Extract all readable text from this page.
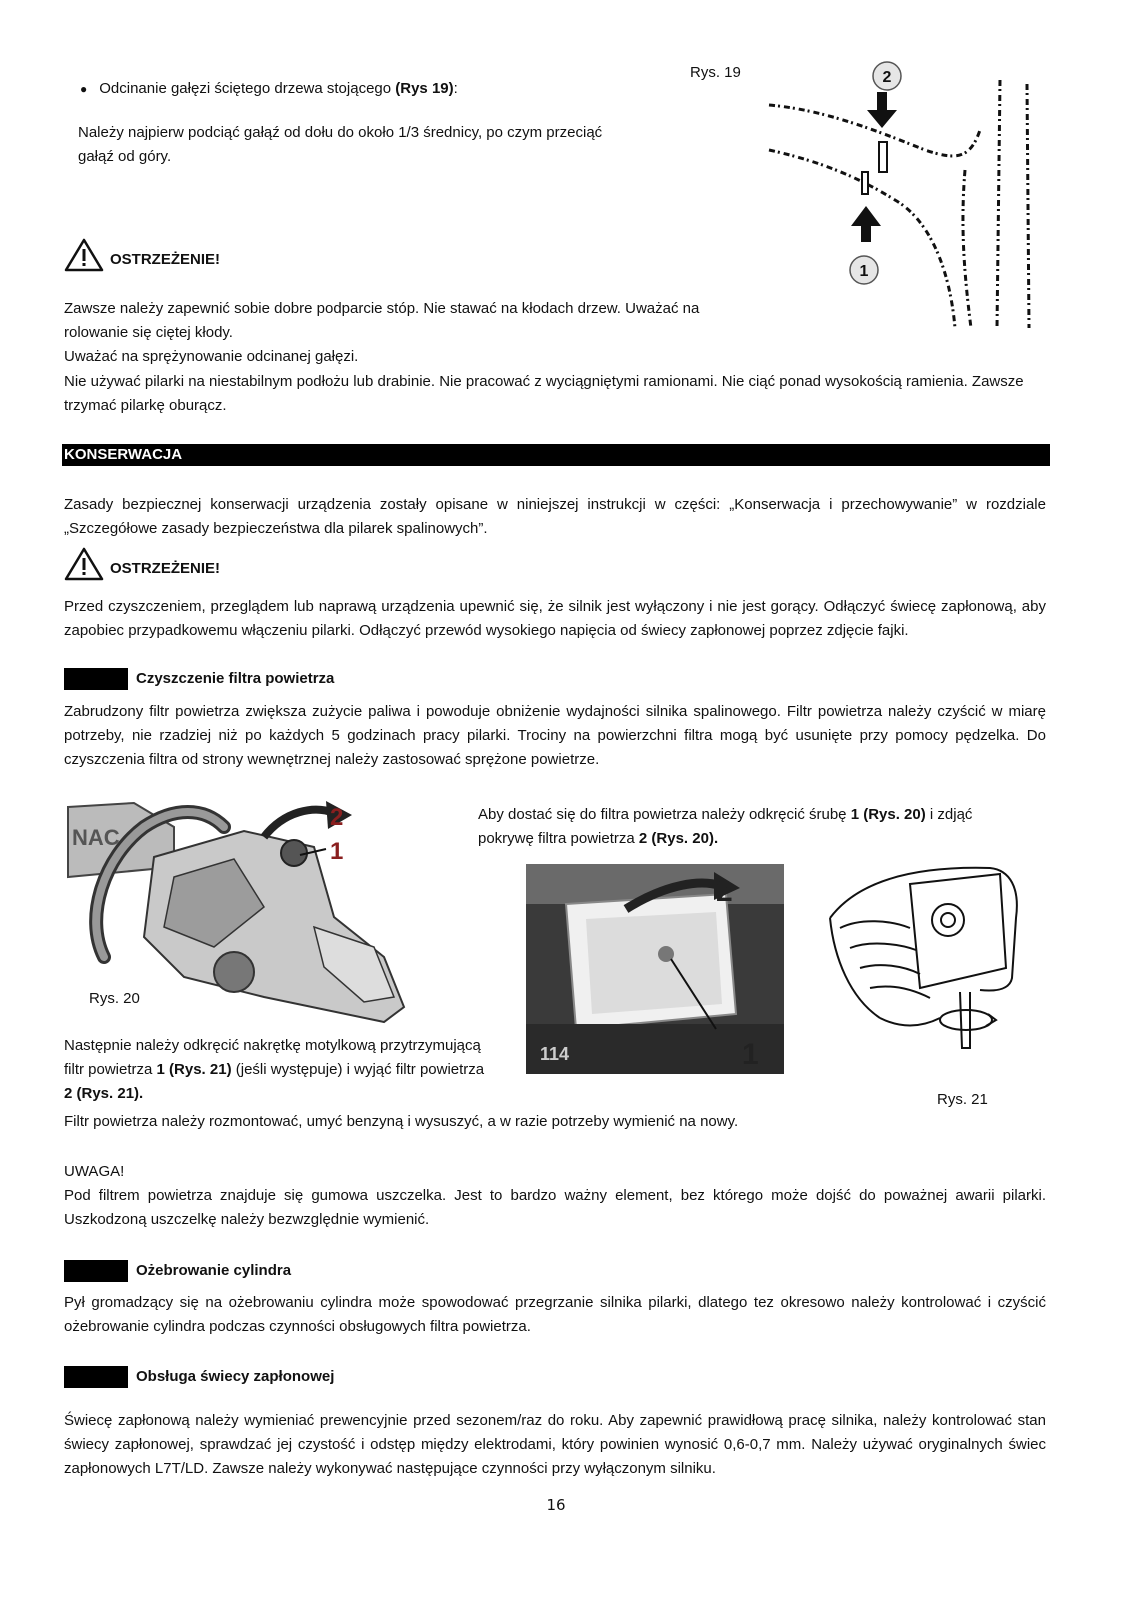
● Odcinanie gałęzi ściętego drzewa stojącego (Rys 19):

Należy najpierw podciąć gałąź od dołu do około 1/3 średnicy, po czym przeciąć gałąź od góry.

Rys. 19	2
1
OSTRZEŻENIE!

Zawsze należy zapewnić sobie dobre podparcie stóp. Nie stawać na kłodach drzew. Uważać na rolowanie się ciętej kłody.

Uważać na sprężynowanie odcinanej gałęzi.

Nie używać pilarki na niestabilnym podłożu lub drabinie. Nie pracować z wyciągniętymi ramionami. Nie ciąć ponad wysokością ramienia. Zawsze trzymać pilarkę oburącz.

KONSERWACJA

Zasady bezpiecznej konserwacji urządzenia zostały opisane w niniejszej instrukcji w części: „Konserwacja i przechowywanie” w rozdziale „Szczegółowe zasady bezpieczeństwa dla pilarek spalinowych”.

OSTRZEŻENIE!

Przed czyszczeniem, przeglądem lub naprawą urządzenia upewnić się, że silnik jest wyłączony i nie jest gorący. Odłączyć świecę zapłonową, aby zapobiec przypadkowemu włączeniu pilarki. Odłączyć przewód wysokiego napięcia od świecy zapłonowej poprzez zdjęcie fajki.

Czyszczenie filtra powietrza

Zabrudzony filtr powietrza zwiększa zużycie paliwa i powoduje obniżenie wydajności silnika spalinowego. Filtr powietrza należy czyścić w miarę potrzeby, nie rzadziej niż po każdych 5 godzinach pracy pilarki. Trociny na powierzchni filtra mogą być usunięte przy pomocy pędzelka. Do czyszczenia filtra od strony wewnętrznej należy zastosować sprężone powietrze.

NAC
2
1
Rys. 20

Aby dostać się do filtra powietrza należy odkręcić śrubę 1 (Rys. 20) i zdjąć pokrywę filtra powietrza 2 (Rys. 20).

114
2
1
Rys. 21

Następnie należy odkręcić nakrętkę motylkową przytrzymującą filtr powietrza 1 (Rys. 21) (jeśli występuje) i wyjąć filtr powietrza
2 (Rys. 21).

Filtr powietrza należy rozmontować, umyć benzyną i wysuszyć, a w razie potrzeby wymienić na nowy.

UWAGA!

Pod filtrem powietrza znajduje się gumowa uszczelka. Jest to bardzo ważny element, bez którego może dojść do poważnej awarii pilarki. Uszkodzoną uszczelkę należy bezwzględnie wymienić.

Ożebrowanie cylindra

Pył gromadzący się na ożebrowaniu cylindra może spowodować przegrzanie silnika pilarki, dlatego tez okresowo należy kontrolować i czyścić ożebrowanie cylindra podczas czynności obsługowych filtra powietrza.

Obsługa świecy zapłonowej

Świecę zapłonową należy wymieniać prewencyjnie przed sezonem/raz do roku. Aby zapewnić prawidłową pracę silnika, należy kontrolować stan świecy zapłonowej, sprawdzać jej czystość i odstęp między elektrodami, który powinien wynosić 0,6-0,7 mm. Należy używać oryginalnych świec zapłonowych L7T/LD. Zawsze należy wykonywać następujące czynności przy wyłączonym silniku.

16
